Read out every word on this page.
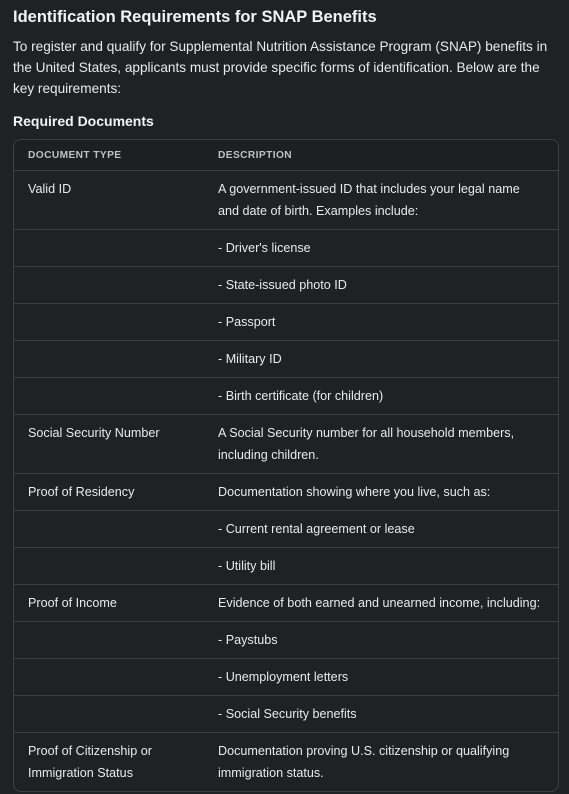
Identification Requirements for SNAP Benefits

To register and qualify for Supplemental Nutrition Assistance Program (SNAP) benefits in the United States, applicants must provide specific forms of identification. Below are the key requirements:

Required Documents
DOCUMENT TYPE	DESCRIPTION
Valid ID	A government-issued ID that includes your legal name and date of birth. Examples include:
	- Driver's license
	- State-issued photo ID
	- Passport
	- Military ID
	- Birth certificate (for children)
Social Security Number	A Social Security number for all household members, including children.
Proof of Residency	Documentation showing where you live, such as:
	- Current rental agreement or lease
	- Utility bill
Proof of Income	Evidence of both earned and unearned income, including:
	- Paystubs
	- Unemployment letters
	- Social Security benefits
Proof of Citizenship or Immigration Status	Documentation proving U.S. citizenship or qualifying immigration status.
